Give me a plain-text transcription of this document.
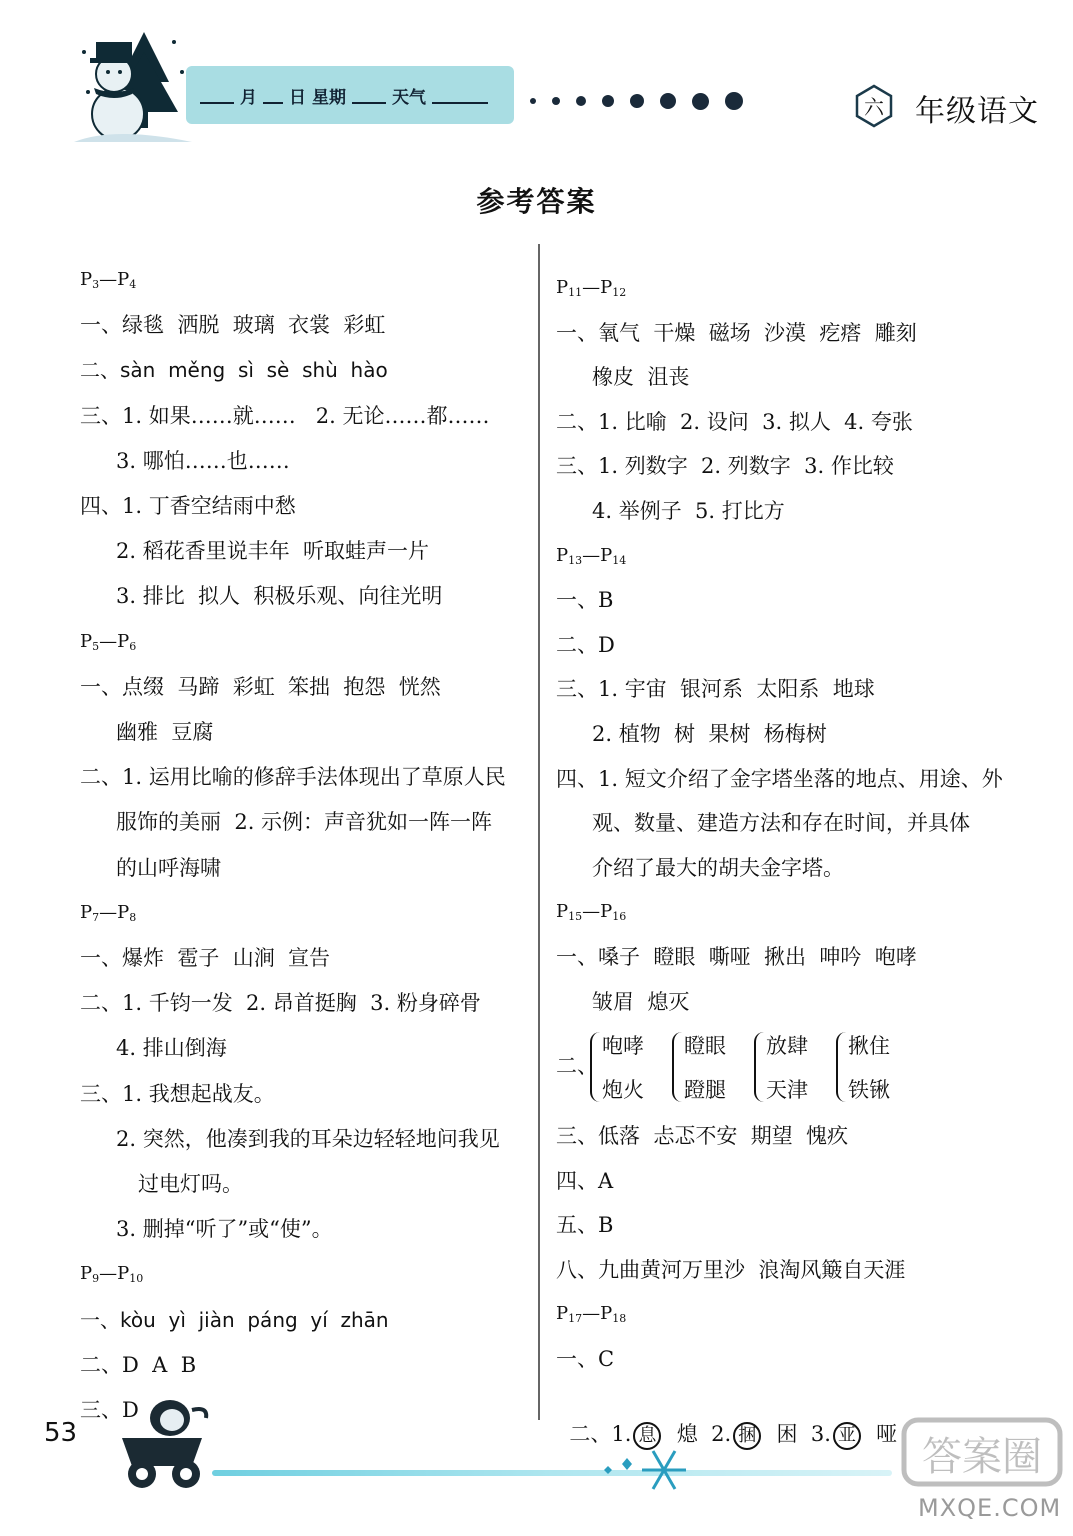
月 日 星期	天气	六 年级语文
参考答案
$P_3—P_4$
一、绿毯  洒脱  玻璃  衣裳  彩虹
二、sàn  měng  sì  sè  shù  hào
三、1. 如果……就……   2. 无论……都……
3. 哪怕……也……
四、1. 丁香空结雨中愁
2. 稻花香里说丰年  听取蛙声一片
3. 排比  拟人  积极乐观、向往光明
$P_5—P_6$
一、点缀  马蹄  彩虹  笨拙  抱怨  恍然
幽雅  豆腐
二、1. 运用比喻的修辞手法体现出了草原人民
服饰的美丽  2. 示例：声音犹如一阵一阵
的山呼海啸
$P_7—P_8$
一、爆炸  雹子  山涧  宣告
二、1. 千钧一发  2. 昂首挺胸  3. 粉身碎骨
4. 排山倒海
三、1. 我想起战友。
2. 突然，他凑到我的耳朵边轻轻地问我见
过电灯吗。
3. 删掉“听了”或“使”。
$P_9—P_{10}$
一、kòu  yì  jiàn  páng  yí  zhān
二、D  A  B
三、D
$P_{11}—P_{12}$
一、氧气  干燥  磁场  沙漠  疙瘩  雕刻
橡皮  沮丧
二、1. 比喻  2. 设问  3. 拟人  4. 夸张
三、1. 列数字  2. 列数字  3. 作比较
4. 举例子  5. 打比方
$P_{13}—P_{14}$
一、B
二、D
三、1. 宇宙  银河系  太阳系  地球
2. 植物  树  果树  杨梅树
四、1. 短文介绍了金字塔坐落的地点、用途、外
观、数量、建造方法和存在时间，并具体
介绍了最大的胡夫金字塔。
$P_{15}—P_{16}$
一、嗓子  瞪眼  嘶哑  揪出  呻吟  咆哮
皱眉  熄灭
二、
咆哮
炮火
瞪眼
蹬腿
放肆
天津
揪住
铁锹
三、低落  忐忑不安  期望  愧疚
四、A
五、B
八、九曲黄河万里沙  浪淘风簸自天涯
$P_{17}—P_{18}$
一、C

二、1. 息 熄 2. 捆 困 3. 亚 哑

53
答案圈
MXQE.COM
